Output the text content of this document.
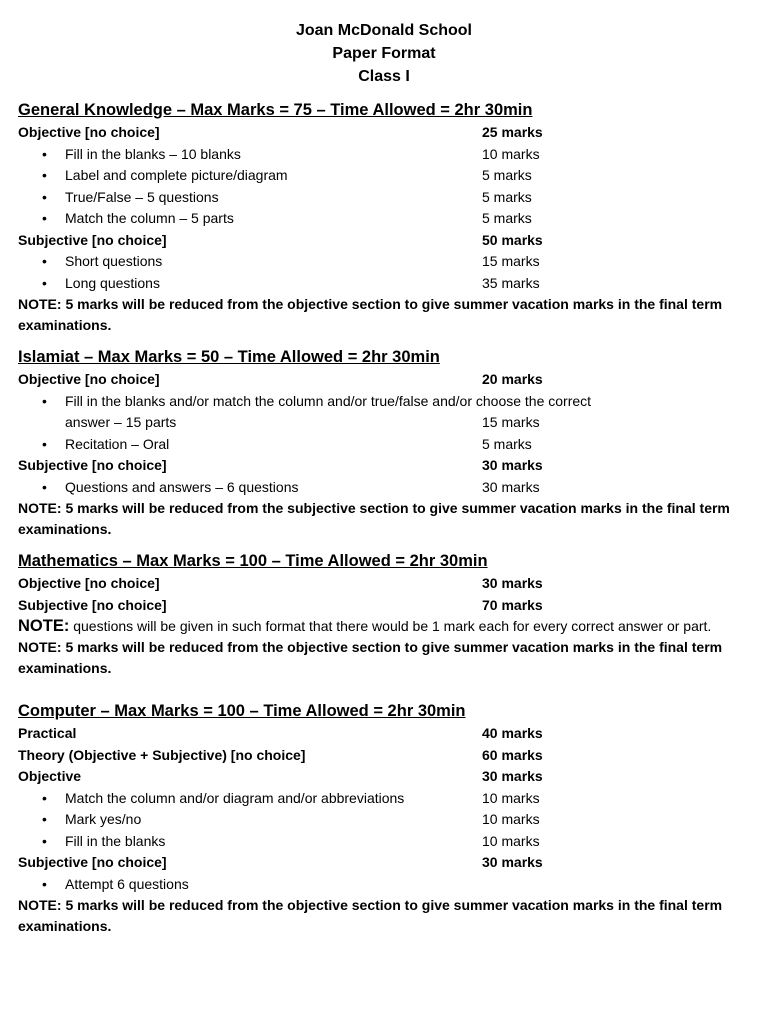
Joan McDonald School
Paper Format
Class I
General Knowledge – Max Marks = 75 – Time Allowed = 2hr 30min
Objective [no choice]	25 marks
•	Fill in the blanks – 10 blanks	10 marks
•	Label and complete picture/diagram	5 marks
•	True/False – 5 questions	5 marks
•	Match the column – 5 parts	5 marks
Subjective [no choice]	50 marks
•	Short questions	15 marks
•	Long questions	35 marks
NOTE: 5 marks will be reduced from the objective section to give summer vacation marks in the final term examinations.
Islamiat – Max Marks = 50 – Time Allowed = 2hr 30min
Objective [no choice]	20 marks
•	Fill in the blanks and/or match the column and/or true/false and/or choose the correct
answer – 15 parts	15 marks
•	Recitation – Oral	5 marks
Subjective [no choice]	30 marks
•	Questions and answers – 6 questions	30 marks
NOTE: 5 marks will be reduced from the subjective section to give summer vacation marks in the final term examinations.
Mathematics – Max Marks = 100 – Time Allowed = 2hr 30min
Objective [no choice]	30 marks
Subjective [no choice]	70 marks
NOTE: questions will be given in such format that there would be 1 mark each for every correct answer or part.
NOTE: 5 marks will be reduced from the objective section to give summer vacation marks in the final term examinations.
Computer – Max Marks = 100 – Time Allowed = 2hr 30min
Practical	40 marks
Theory (Objective + Subjective) [no choice]	60 marks
Objective	30 marks
•	Match the column and/or diagram and/or abbreviations	10 marks
•	Mark yes/no	10 marks
•	Fill in the blanks	10 marks
Subjective [no choice]	30 marks
•	Attempt 6 questions
NOTE: 5 marks will be reduced from the objective section to give summer vacation marks in the final term examinations.
